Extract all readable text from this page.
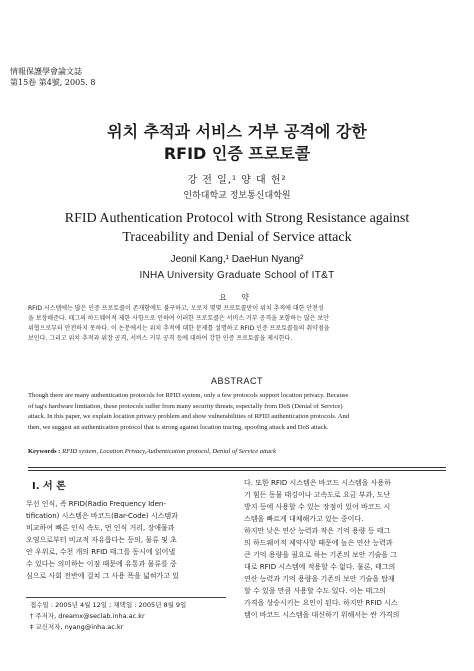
情報保護學會論文誌
第15卷 第4號, 2005. 8
위치 추적과 서비스 거부 공격에 강한
RFID 인증 프로토콜
강 전 일,¹ 양 대 헌²
인하대학교 정보통신대학원
RFID Authentication Protocol with Strong Resistance against
Traceability and Denial of Service attack
Jeonil Kang,¹ DaeHun Nyang²
INHA University Graduate School of IT&T
요 약
RFID 시스템에는 많은 인증 프로토콜이 존재함에도 불구하고, 오로지 몇몇 프로토콜만이 위치 추적에 대한 안전성
을 보장해준다. 태그의 하드웨어적 제한 사항으로 인하여 이러한 프로토콜은 서비스 거부 공격을 포함하는 많은 보안
위협으로부터 안전하지 못하다. 이 논문에서는 위치 추적에 대한 문제를 설명하고 RFID 인증 프로토콜들의 취약점을
보인다. 그리고 위치 추적과 위장 공격, 서비스 거부 공격 등에 대하여 강한 인증 프로토콜을 제시한다.
ABSTRACT
Though there are many authentication protocols for RFID system, only a few protocols support location privacy. Because
of tag's hardware limitation, these protocols suffer from many security threats, especially from DoS (Denial of Service)
attack. In this paper, we explain location privacy problem and show vulnerabilities of RFID authentication protocols. And
then, we suggest an authentication protocol that is strong against location tracing, spoofing attack and DoS attack.
Keywords : RFID system, Location Privacy,Authentication protocol, Denial of Service attack
Ⅰ. 서 론
무선 인식, 즉 RFID(Radio Frequency Iden-
tification) 시스템은 바코드(Bar-Code) 시스템과
비교하여 빠른 인식 속도, 먼 인식 거리, 장애물과
오염으로부터 비교적 자유롭다는 등의, 물류 및 초
안 우위로, 수천 개의 RFID 태그를 동시에 읽어낼
수 있다는 의미하는 이점 때문에 유통과 물류를 중
심으로 사회 전반에 걸쳐 그 사용 폭을 넓혀가고 있
다. 또한 RFID 시스템은 바코드 시스템을 사용하
기 힘든 동물 태깅이나 고속도로 요금 부과, 도난
방지 등에 사용할 수 있는 장점이 있어 바코드 시
스템을 빠르게 대체해가고 있는 중이다.
하지만 낮은 연산 능력과 작은 기억 용량 등 태그
의 하드웨어적 제약사항 때문에 높은 연산 능력과
큰 기억 용량을 필요로 하는 기존의 보안 기술을 그
대로 RFID 시스템에 적용할 수 없다. 물론, 태그의
연산 능력과 기억 용량을 기존의 보안 기술을 탑재
할 수 있을 만큼 사용할 수도 있다. 이는 태그의
가격을 상승시키는 요인이 된다. 하지만 RFID 시스
템이 바코드 시스템을 대신하기 위해서는 싼 가격의
접수일 : 2005년 4월 12일 ; 채택일 : 2005년 8월 9일
† 주저자, dreamx@seclab.inha.ac.kr
‡ 교신저자, nyang@inha.ac.kr
